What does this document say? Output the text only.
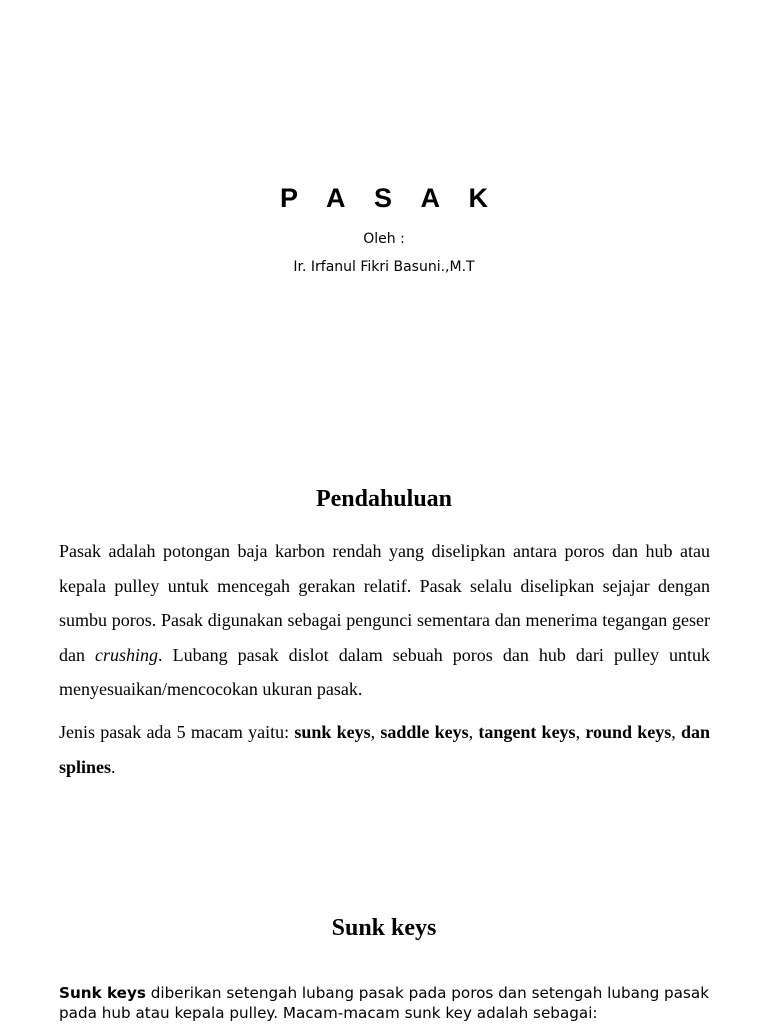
P A S A K
Oleh :
Ir. Irfanul Fikri Basuni.,M.T
Pendahuluan

Pasak adalah potongan baja karbon rendah yang diselipkan antara poros dan hub atau kepala pulley untuk mencegah gerakan relatif. Pasak selalu diselipkan sejajar dengan sumbu poros. Pasak digunakan sebagai pengunci sementara dan menerima tegangan geser dan crushing. Lubang pasak dislot dalam sebuah poros dan hub dari pulley untuk menyesuaikan/mencocokan ukuran pasak.

Jenis pasak ada 5 macam yaitu: sunk keys, saddle keys, tangent keys, round keys, dan splines.

Sunk keys

Sunk keys diberikan setengah lubang pasak pada poros dan setengah lubang pasak pada hub atau kepala pulley. Macam-macam sunk key adalah sebagai:
